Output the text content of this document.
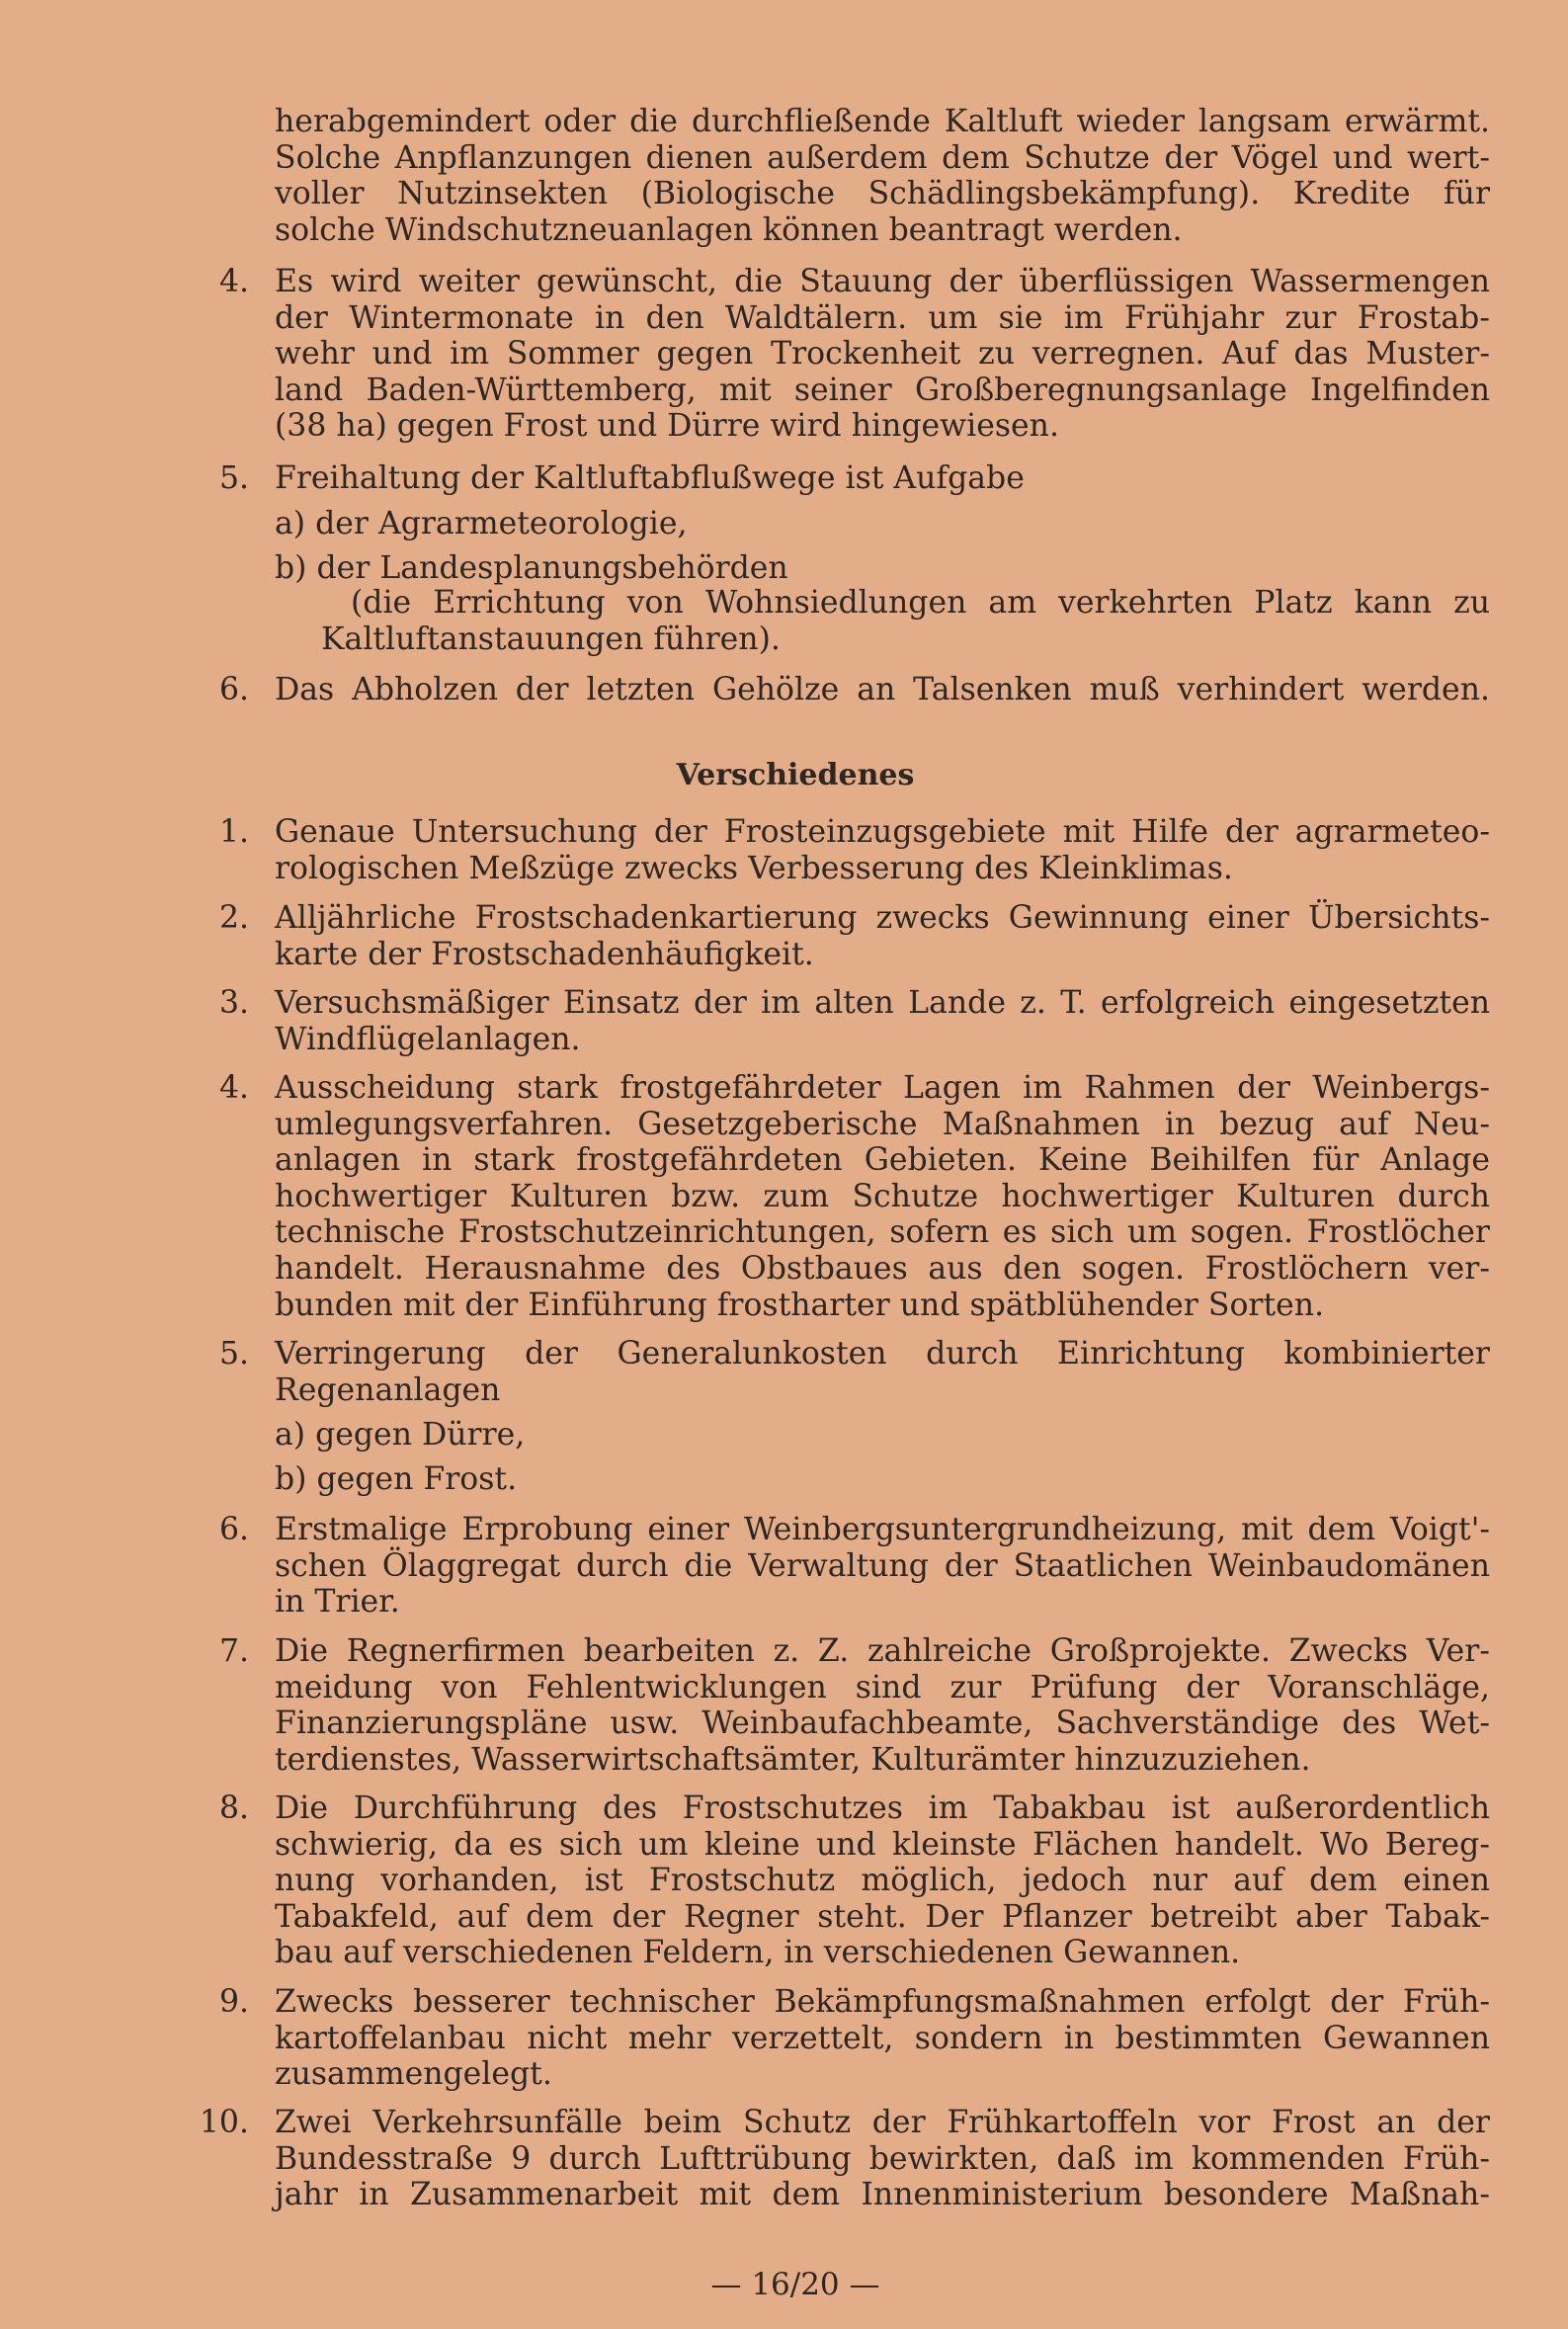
herabgemindert oder die durchfließende Kaltluft wieder langsam erwärmt.
Solche Anpflanzungen dienen außerdem dem Schutze der Vögel und wert-
voller Nutzinsekten (Biologische Schädlingsbekämpfung). Kredite für
solche Windschutzneuanlagen können beantragt werden.
4. Es wird weiter gewünscht, die Stauung der überflüssigen Wassermengen
der Wintermonate in den Waldtälern. um sie im Frühjahr zur Frostab-
wehr und im Sommer gegen Trockenheit zu verregnen. Auf das Muster-
land Baden-Württemberg, mit seiner Großberegnungsanlage Ingelfinden
(38 ha) gegen Frost und Dürre wird hingewiesen.
5. Freihaltung der Kaltluftabflußwege ist Aufgabe
a) der Agrarmeteorologie,
b) der Landesplanungsbehörden
(die Errichtung von Wohnsiedlungen am verkehrten Platz kann zu
Kaltluftanstauungen führen).
6. Das Abholzen der letzten Gehölze an Talsenken muß verhindert werden.
Verschiedenes
1. Genaue Untersuchung der Frosteinzugsgebiete mit Hilfe der agrarmeteo-
rologischen Meßzüge zwecks Verbesserung des Kleinklimas.
2. Alljährliche Frostschadenkartierung zwecks Gewinnung einer Übersichts-
karte der Frostschadenhäufigkeit.
3. Versuchsmäßiger Einsatz der im alten Lande z. T. erfolgreich eingesetzten
Windflügelanlagen.
4. Ausscheidung stark frostgefährdeter Lagen im Rahmen der Weinbergs-
umlegungsverfahren. Gesetzgeberische Maßnahmen in bezug auf Neu-
anlagen in stark frostgefährdeten Gebieten. Keine Beihilfen für Anlage
hochwertiger Kulturen bzw. zum Schutze hochwertiger Kulturen durch
technische Frostschutzeinrichtungen, sofern es sich um sogen. Frostlöcher
handelt. Herausnahme des Obstbaues aus den sogen. Frostlöchern ver-
bunden mit der Einführung frostharter und spätblühender Sorten.
5. Verringerung der Generalunkosten durch Einrichtung kombinierter
Regenanlagen
a) gegen Dürre,
b) gegen Frost.
6. Erstmalige Erprobung einer Weinbergsuntergrundheizung, mit dem Voigt'-
schen Ölaggregat durch die Verwaltung der Staatlichen Weinbaudomänen
in Trier.
7. Die Regnerfirmen bearbeiten z. Z. zahlreiche Großprojekte. Zwecks Ver-
meidung von Fehlentwicklungen sind zur Prüfung der Voranschläge,
Finanzierungspläne usw. Weinbaufachbeamte, Sachverständige des Wet-
terdienstes, Wasserwirtschaftsämter, Kulturämter hinzuzuziehen.
8. Die Durchführung des Frostschutzes im Tabakbau ist außerordentlich
schwierig, da es sich um kleine und kleinste Flächen handelt. Wo Bereg-
nung vorhanden, ist Frostschutz möglich, jedoch nur auf dem einen
Tabakfeld, auf dem der Regner steht. Der Pflanzer betreibt aber Tabak-
bau auf verschiedenen Feldern, in verschiedenen Gewannen.
9. Zwecks besserer technischer Bekämpfungsmaßnahmen erfolgt der Früh-
kartoffelanbau nicht mehr verzettelt, sondern in bestimmten Gewannen
zusammengelegt.
10. Zwei Verkehrsunfälle beim Schutz der Frühkartoffeln vor Frost an der
Bundesstraße 9 durch Lufttrübung bewirkten, daß im kommenden Früh-
jahr in Zusammenarbeit mit dem Innenministerium besondere Maßnah-
— 16/20 —
